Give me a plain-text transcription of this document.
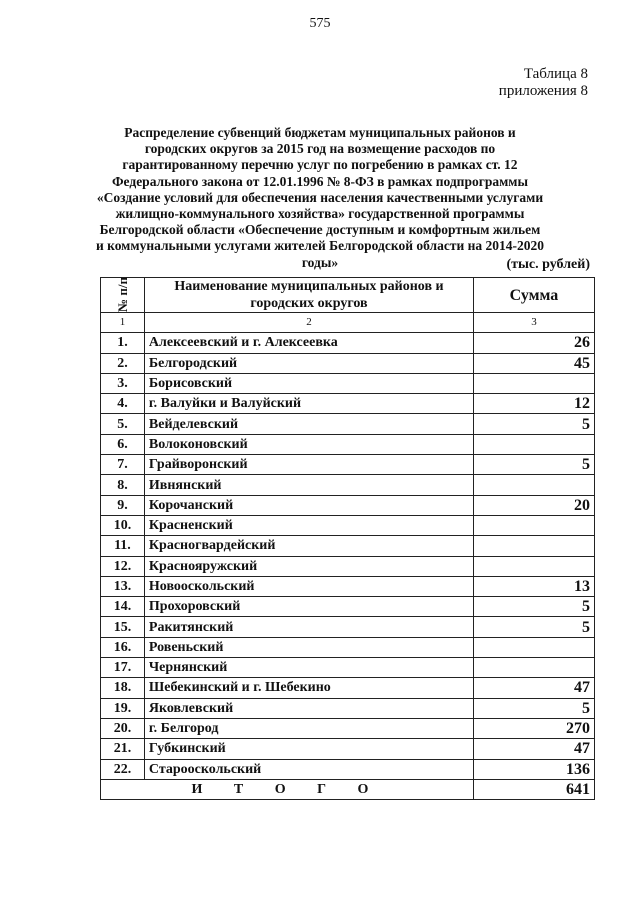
575
Таблица 8
приложения 8
Распределение субвенций бюджетам муниципальных районов и городских округов за 2015 год на возмещение расходов по гарантированному перечню услуг по погребению в рамках ст. 12 Федерального закона от 12.01.1996 № 8-ФЗ в рамках подпрограммы «Создание условий для обеспечения населения качественными услугами жилищно-коммунального хозяйства» государственной программы Белгородской области «Обеспечение доступным и комфортным жильем и коммунальными услугами жителей Белгородской области на 2014-2020 годы»	(тыс. рублей)
№ п/п	Наименование муниципальных районов и городских округов	Сумма
1	2	3
1.	Алексеевский и г. Алексеевка	26
2.	Белгородский	45
3.	Борисовский	
4.	г. Валуйки и Валуйский	12
5.	Вейделевский	5
6.	Волоконовский	
7.	Грайворонский	5
8.	Ивнянский	
9.	Корочанский	20
10.	Красненский	
11.	Красногвардейский	
12.	Краснояружский	
13.	Новооскольский	13
14.	Прохоровский	5
15.	Ракитянский	5
16.	Ровеньский	
17.	Чернянский	
18.	Шебекинский и г. Шебекино	47
19.	Яковлевский	5
20.	г. Белгород	270
21.	Губкинский	47
22.	Старооскольский	136
И Т О Г О		641
